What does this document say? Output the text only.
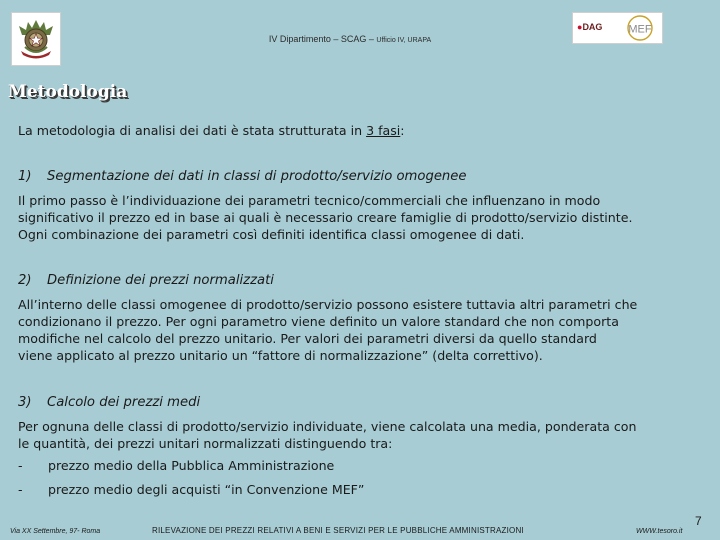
IV Dipartimento – SCAG – Ufficio IV, URAPA
●DAG MEF
Metodologia
La metodologia di analisi dei dati è stata strutturata in 3 fasi:
1) Segmentazione dei dati in classi di prodotto/servizio omogenee
Il primo passo è l’individuazione dei parametri tecnico/commerciali che influenzano in modo
significativo il prezzo ed in base ai quali è necessario creare famiglie di prodotto/servizio distinte.
Ogni combinazione dei parametri così definiti identifica classi omogenee di dati.
2) Definizione dei prezzi normalizzati
All’interno delle classi omogenee di prodotto/servizio possono esistere tuttavia altri parametri che
condizionano il prezzo. Per ogni parametro viene definito un valore standard che non comporta
modifiche nel calcolo del prezzo unitario. Per valori dei parametri diversi da quello standard
viene applicato al prezzo unitario un “fattore di normalizzazione” (delta correttivo).
3) Calcolo dei prezzi medi
Per ognuna delle classi di prodotto/servizio individuate, viene calcolata una media, ponderata con
le quantità, dei prezzi unitari normalizzati distinguendo tra:
- prezzo medio della Pubblica Amministrazione
- prezzo medio degli acquisti “in Convenzione MEF”
Via XX Settembre, 97- Roma	RILEVAZIONE DEI PREZZI RELATIVI A BENI E SERVIZI PER LE PUBBLICHE AMMINISTRAZIONI	WWW.tesoro.it
7
